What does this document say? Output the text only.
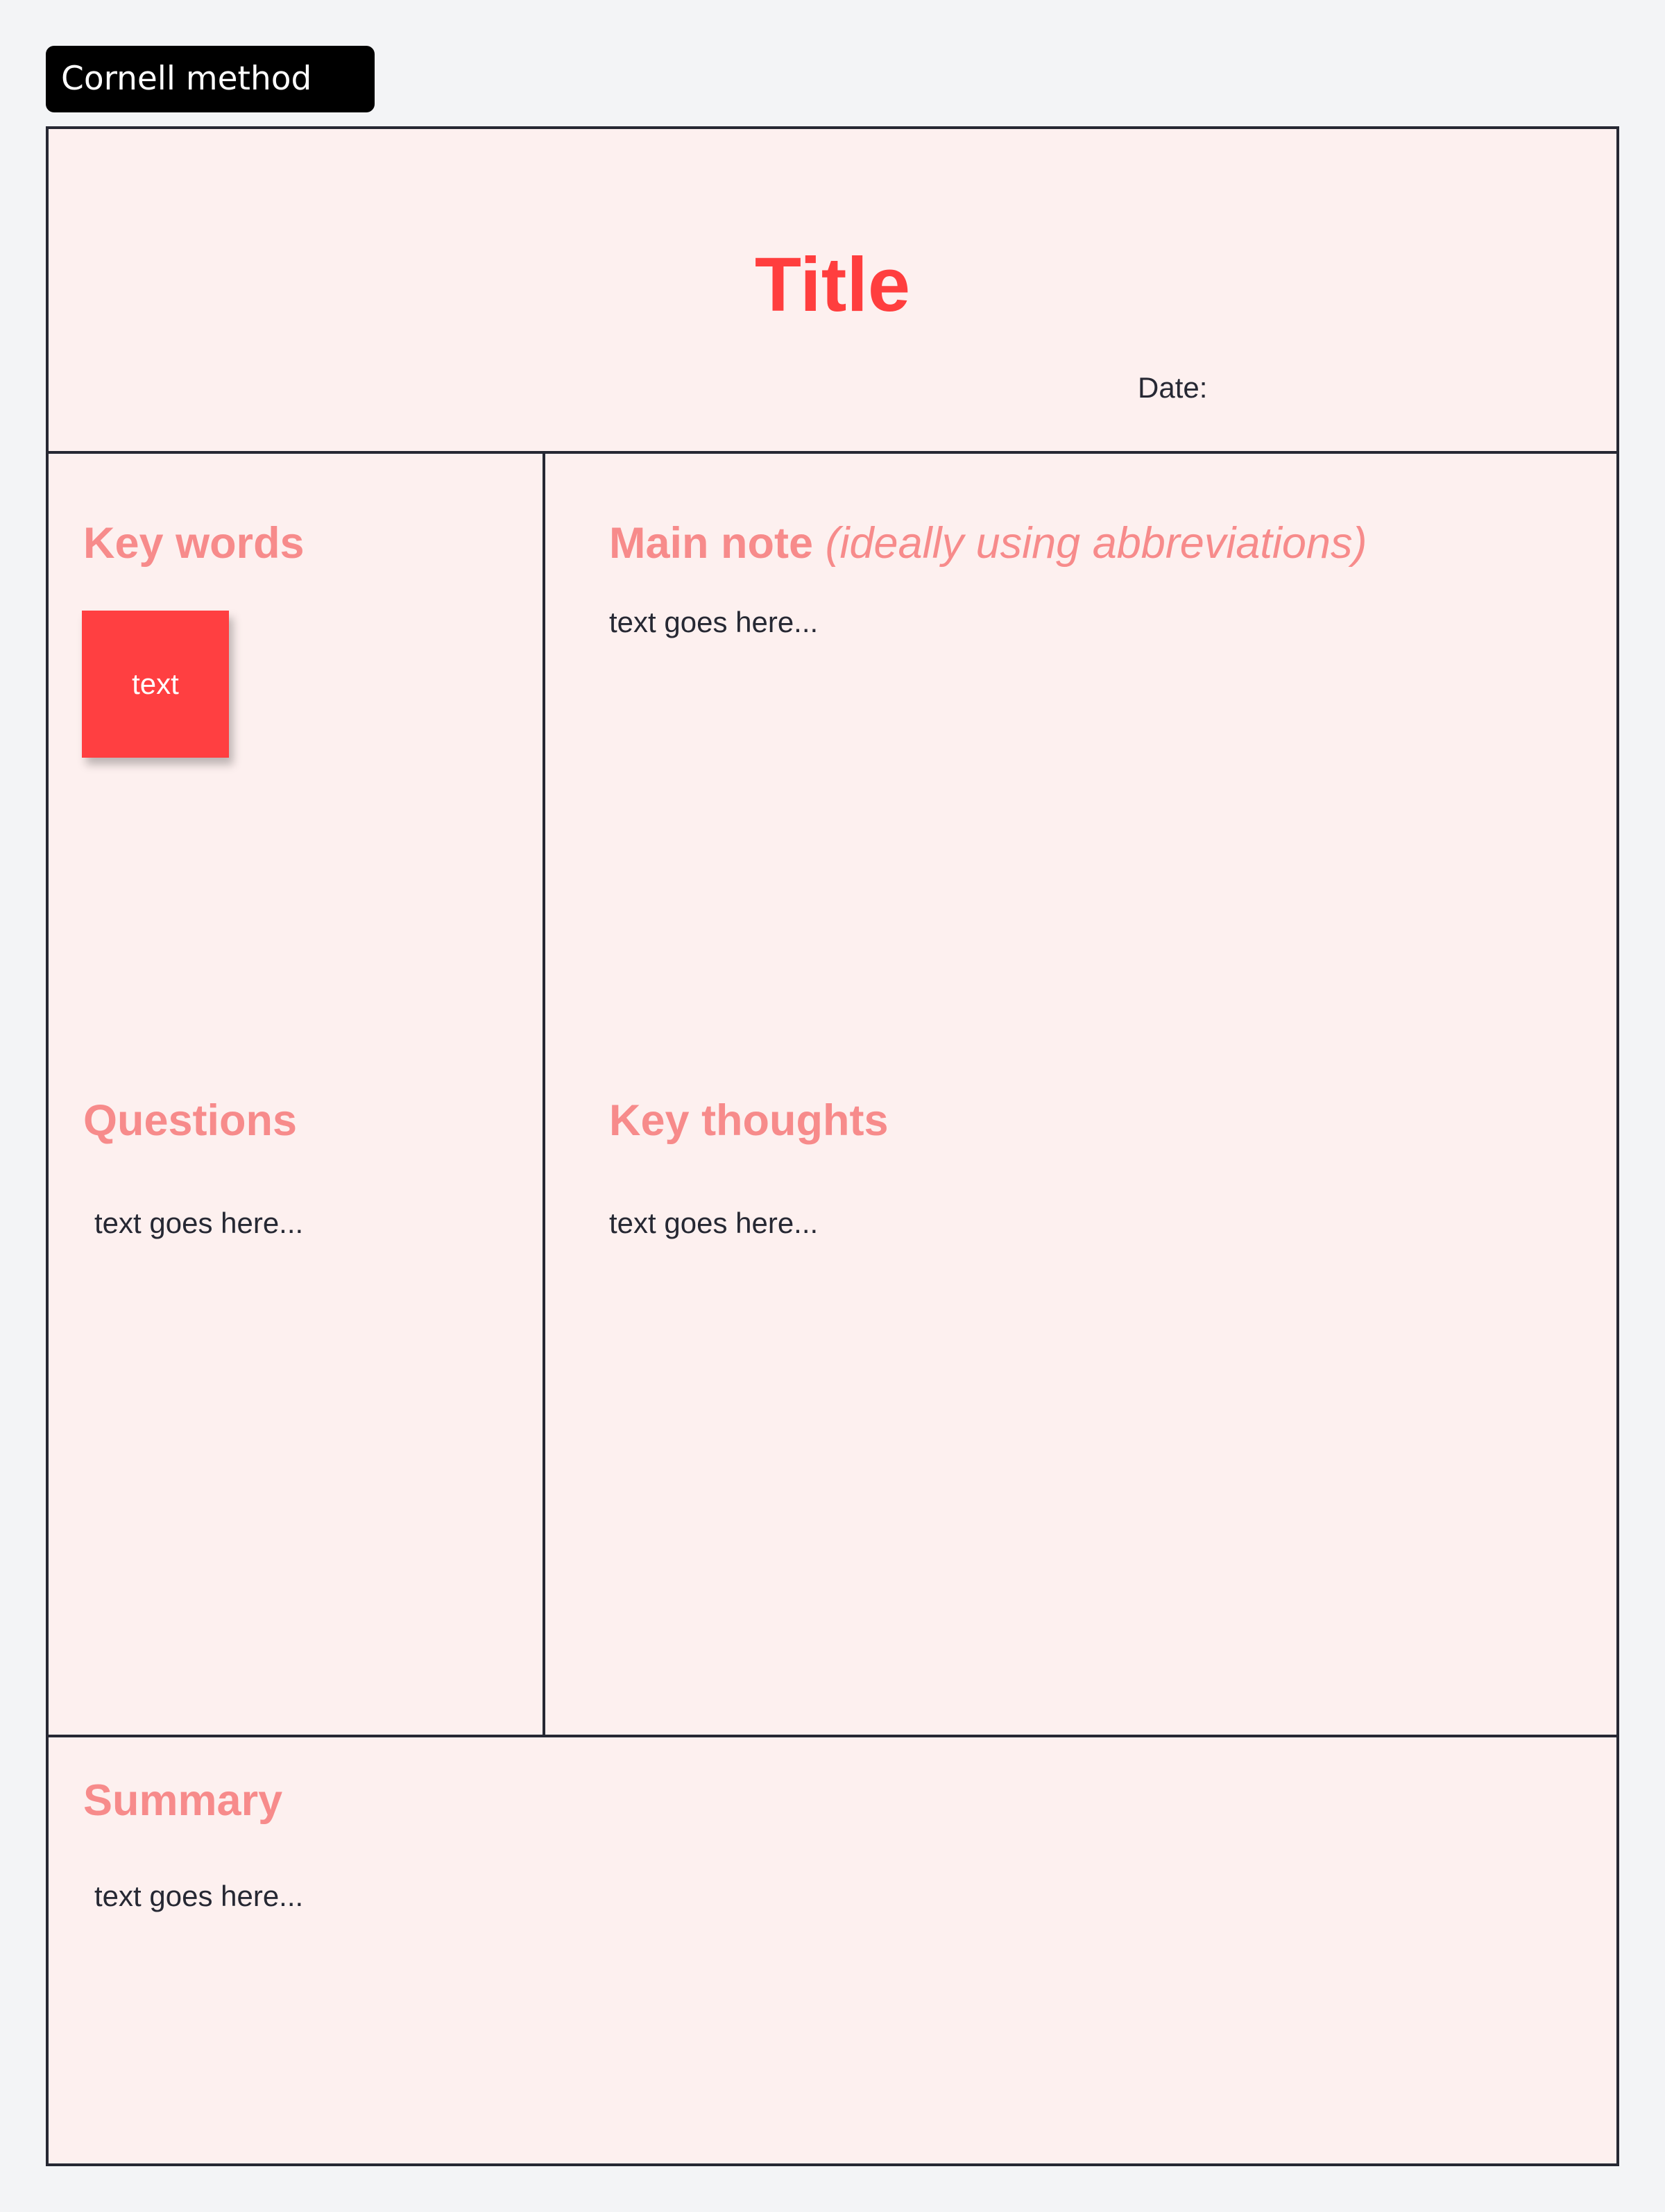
Cornell method
Title
Date:
Key words
text
Main note (ideally using abbreviations)
text goes here...
Questions
text goes here...
Key thoughts
text goes here...
Summary
text goes here...
